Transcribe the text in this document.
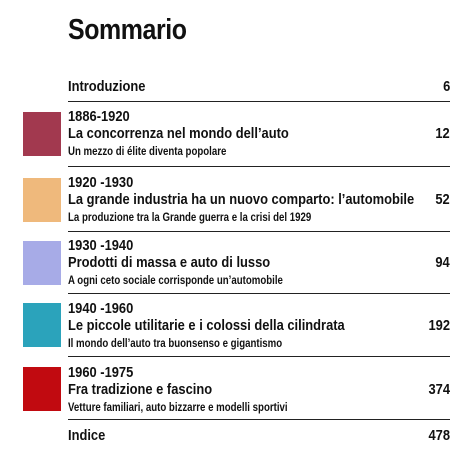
Sommario
Introduzione	6
1886-1920
La concorrenza nel mondo dell’auto
Un mezzo di élite diventa popolare
12
1920 -1930
La grande industria ha un nuovo comparto: l’automobile
La produzione tra la Grande guerra e la crisi del 1929
52
1930 -1940
Prodotti di massa e auto di lusso
A ogni ceto sociale corrisponde un’automobile
94
1940 -1960
Le piccole utilitarie e i colossi della cilindrata
Il mondo dell’auto tra buonsenso e gigantismo
192
1960 -1975
Fra tradizione e fascino
Vetture familiari, auto bizzarre e modelli sportivi
374
Indice	478
